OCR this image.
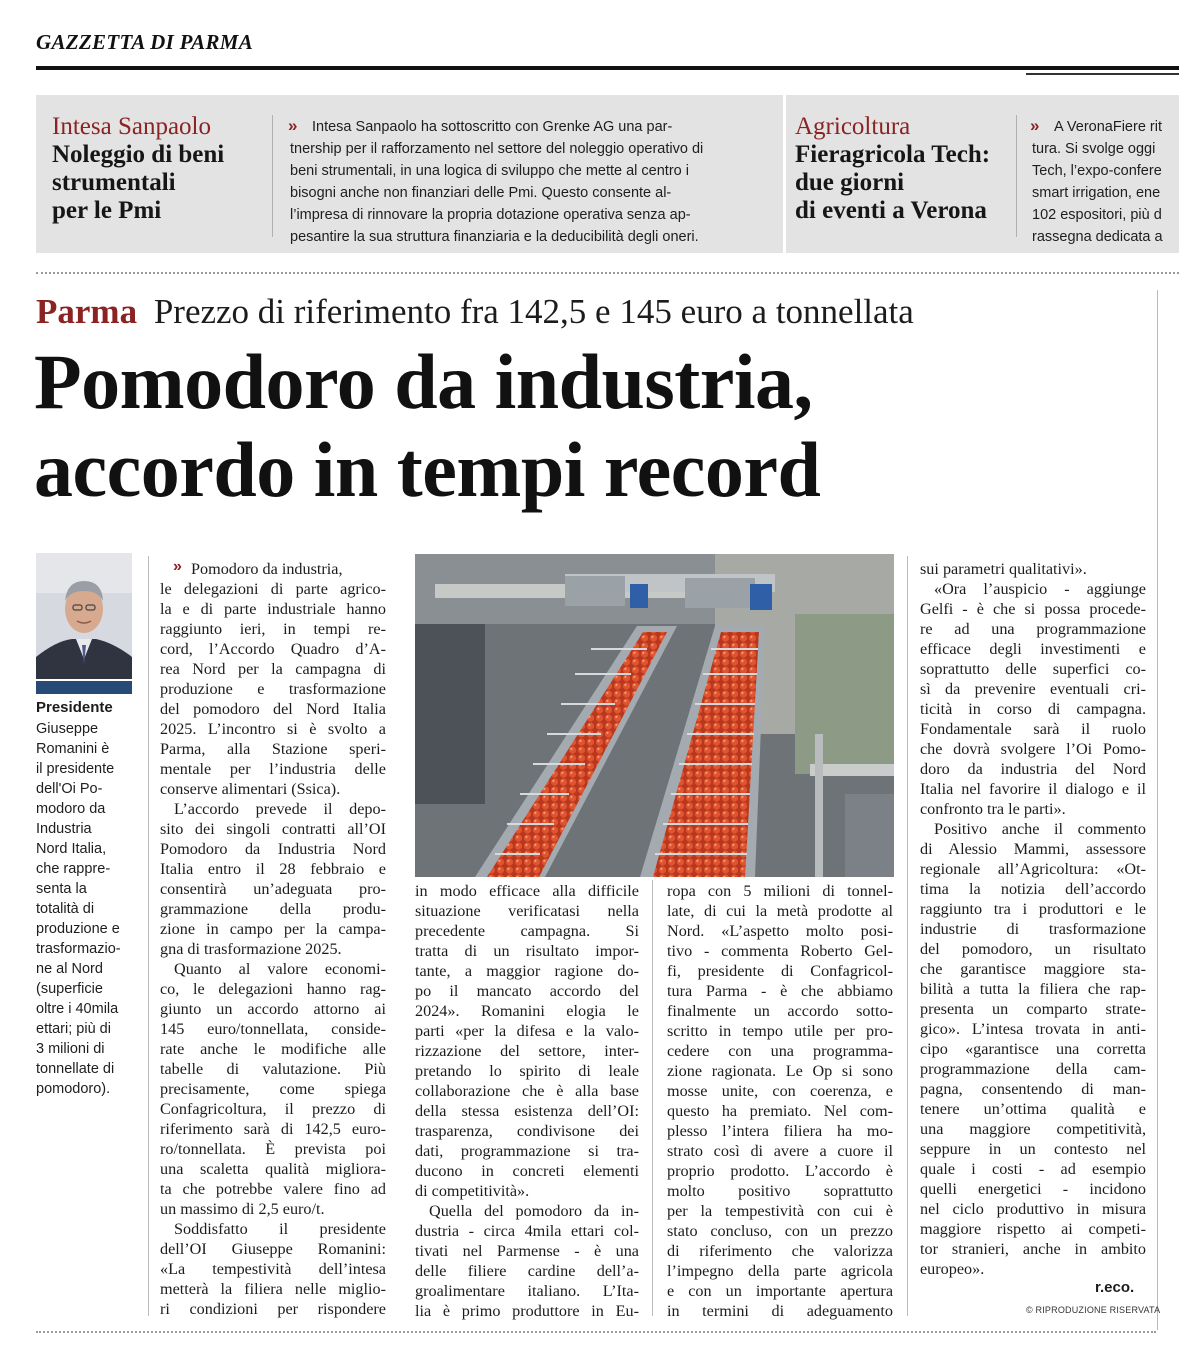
GAZZETTA DI PARMA
Intesa Sanpaolo
Noleggio di beni
strumentali
per le Pmi
»	Intesa Sanpaolo ha sottoscritto con Grenke AG una par-
tnership per il rafforzamento nel settore del noleggio operativo di
beni strumentali, in una logica di sviluppo che mette al centro i
bisogni anche non finanziari delle Pmi. Questo consente al-
l’impresa di rinnovare la propria dotazione operativa senza ap-
pesantire la sua struttura finanziaria e la deducibilità degli oneri.
Agricoltura
Fieragricola Tech:
due giorni
di eventi a Verona
»	A VeronaFiere rit
tura. Si svolge oggi
Tech, l’expo-confere
smart irrigation, ene
102 espositori, più d
rassegna dedicata a
Parma Prezzo di riferimento fra 142,5 e 145 euro a tonnellata
Pomodoro da industria,
accordo in tempi record
Presidente
Giuseppe
Romanini è
il presidente
dell'Oi Po-
modoro da
Industria
Nord Italia,
che rappre-
senta la
totalità di
produzione e
trasformazio-
ne al Nord
(superficie
oltre i 40mila
ettari; più di
3 milioni di
tonnellate di
pomodoro).
» Pomodoro da industria,
le delegazioni di parte agrico-
la e di parte industriale hanno
raggiunto ieri, in tempi re-
cord, l’Accordo Quadro d’A-
rea Nord per la campagna di
produzione e trasformazione
del pomodoro del Nord Italia
2025. L’incontro si è svolto a
Parma, alla Stazione speri-
mentale per l’industria delle
conserve alimentari (Ssica).
L’accordo prevede il depo-
sito dei singoli contratti all’OI
Pomodoro da Industria Nord
Italia entro il 28 febbraio e
consentirà un’adeguata pro-
grammazione della produ-
zione in campo per la campa-
gna di trasformazione 2025.
Quanto al valore economi-
co, le delegazioni hanno rag-
giunto un accordo attorno ai
145 euro/tonnellata, conside-
rate anche le modifiche alle
tabelle di valutazione. Più
precisamente, come spiega
Confagricoltura, il prezzo di
riferimento sarà di 142,5 euro-
ro/tonnellata. È prevista poi
una scaletta qualità migliora-
ta che potrebbe valere fino ad
un massimo di 2,5 euro/t.
Soddisfatto il presidente
dell’OI Giuseppe Romanini:
«La tempestività dell’intesa
metterà la filiera nelle miglio-
ri condizioni per rispondere
in modo efficace alla difficile
situazione verificatasi nella
precedente campagna. Si
tratta di un risultato impor-
tante, a maggior ragione do-
po il mancato accordo del
2024». Romanini elogia le
parti «per la difesa e la valo-
rizzazione del settore, inter-
pretando lo spirito di leale
collaborazione che è alla base
della stessa esistenza dell’OI:
trasparenza, condivisone dei
dati, programmazione si tra-
ducono in concreti elementi
di competitività».
Quella del pomodoro da in-
dustria - circa 4mila ettari col-
tivati nel Parmense - è una
delle filiere cardine dell’a-
groalimentare italiano. L’Ita-
lia è primo produttore in Eu-
ropa con 5 milioni di tonnel-
late, di cui la metà prodotte al
Nord. «L’aspetto molto posi-
tivo - commenta Roberto Gel-
fi, presidente di Confagricol-
tura Parma - è che abbiamo
finalmente un accordo sotto-
scritto in tempo utile per pro-
cedere con una programma-
zione ragionata. Le Op si sono
mosse unite, con coerenza, e
questo ha premiato. Nel com-
plesso l’intera filiera ha mo-
strato così di avere a cuore il
proprio prodotto. L’accordo è
molto positivo soprattutto
per la tempestività con cui è
stato concluso, con un prezzo
di riferimento che valorizza
l’impegno della parte agricola
e con un importante apertura
in termini di adeguamento
sui parametri qualitativi».
«Ora l’auspicio - aggiunge
Gelfi - è che si possa procede-
re ad una programmazione
efficace degli investimenti e
soprattutto delle superfici co-
sì da prevenire eventuali cri-
ticità in corso di campagna.
Fondamentale sarà il ruolo
che dovrà svolgere l’Oi Pomo-
doro da industria del Nord
Italia nel favorire il dialogo e il
confronto tra le parti».
Positivo anche il commento
di Alessio Mammi, assessore
regionale all’Agricoltura: «Ot-
tima la notizia dell’accordo
raggiunto tra i produttori e le
industrie di trasformazione
del pomodoro, un risultato
che garantisce maggiore sta-
bilità a tutta la filiera che rap-
presenta un comparto strate-
gico». L’intesa trovata in anti-
cipo «garantisce una corretta
programmazione della cam-
pagna, consentendo di man-
tenere un’ottima qualità e
una maggiore competitività,
seppure in un contesto nel
quale i costi - ad esempio
quelli energetici - incidono
nel ciclo produttivo in misura
maggiore rispetto ai competi-
tor stranieri, anche in ambito
europeo».
r.eco.
© RIPRODUZIONE RISERVATA
